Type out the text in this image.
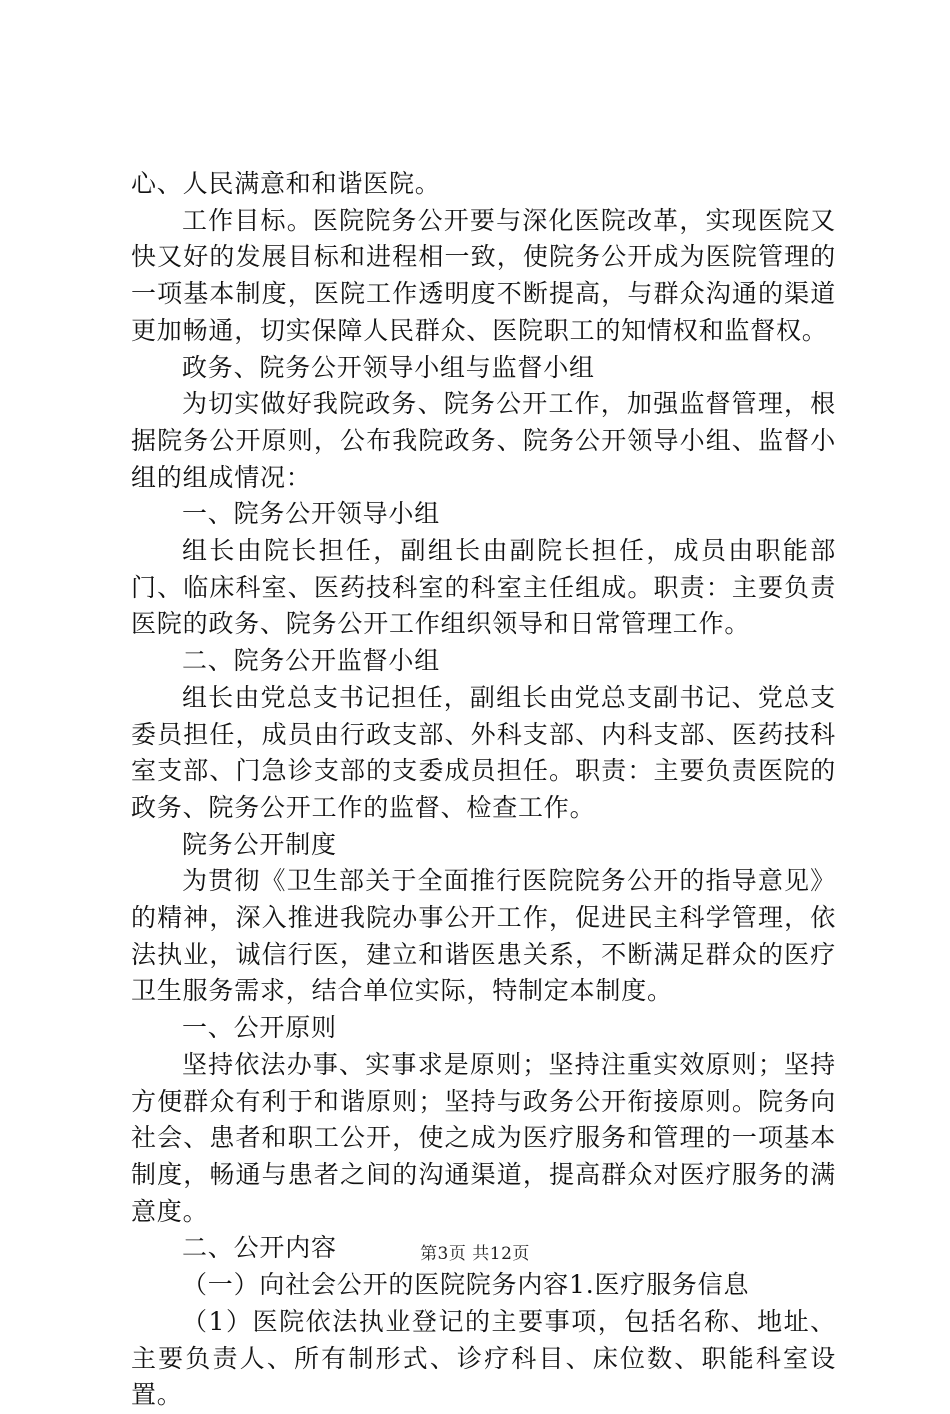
心、人民满意和和谐医院。

工作目标。医院院务公开要与深化医院改革，实现医院又快又好的发展目标和进程相一致，使院务公开成为医院管理的一项基本制度，医院工作透明度不断提高，与群众沟通的渠道更加畅通，切实保障人民群众、医院职工的知情权和监督权。

政务、院务公开领导小组与监督小组

为切实做好我院政务、院务公开工作，加强监督管理，根据院务公开原则，公布我院政务、院务公开领导小组、监督小组的组成情况：

一、院务公开领导小组

组长由院长担任，副组长由副院长担任，成员由职能部门、临床科室、医药技科室的科室主任组成。职责：主要负责医院的政务、院务公开工作组织领导和日常管理工作。

二、院务公开监督小组

组长由党总支书记担任，副组长由党总支副书记、党总支委员担任，成员由行政支部、外科支部、内科支部、医药技科室支部、门急诊支部的支委成员担任。职责：主要负责医院的政务、院务公开工作的监督、检查工作。

院务公开制度

为贯彻《卫生部关于全面推行医院院务公开的指导意见》的精神，深入推进我院办事公开工作，促进民主科学管理，依法执业，诚信行医，建立和谐医患关系，不断满足群众的医疗卫生服务需求，结合单位实际，特制定本制度。

一、公开原则

坚持依法办事、实事求是原则；坚持注重实效原则；坚持方便群众有利于和谐原则；坚持与政务公开衔接原则。院务向社会、患者和职工公开，使之成为医疗服务和管理的一项基本制度，畅通与患者之间的沟通渠道，提高群众对医疗服务的满意度。

二、公开内容

（一）向社会公开的医院院务内容1.医疗服务信息

（1）医院依法执业登记的主要事项，包括名称、地址、主要负责人、所有制形式、诊疗科目、床位数、职能科室设置。

第3页 共12页
